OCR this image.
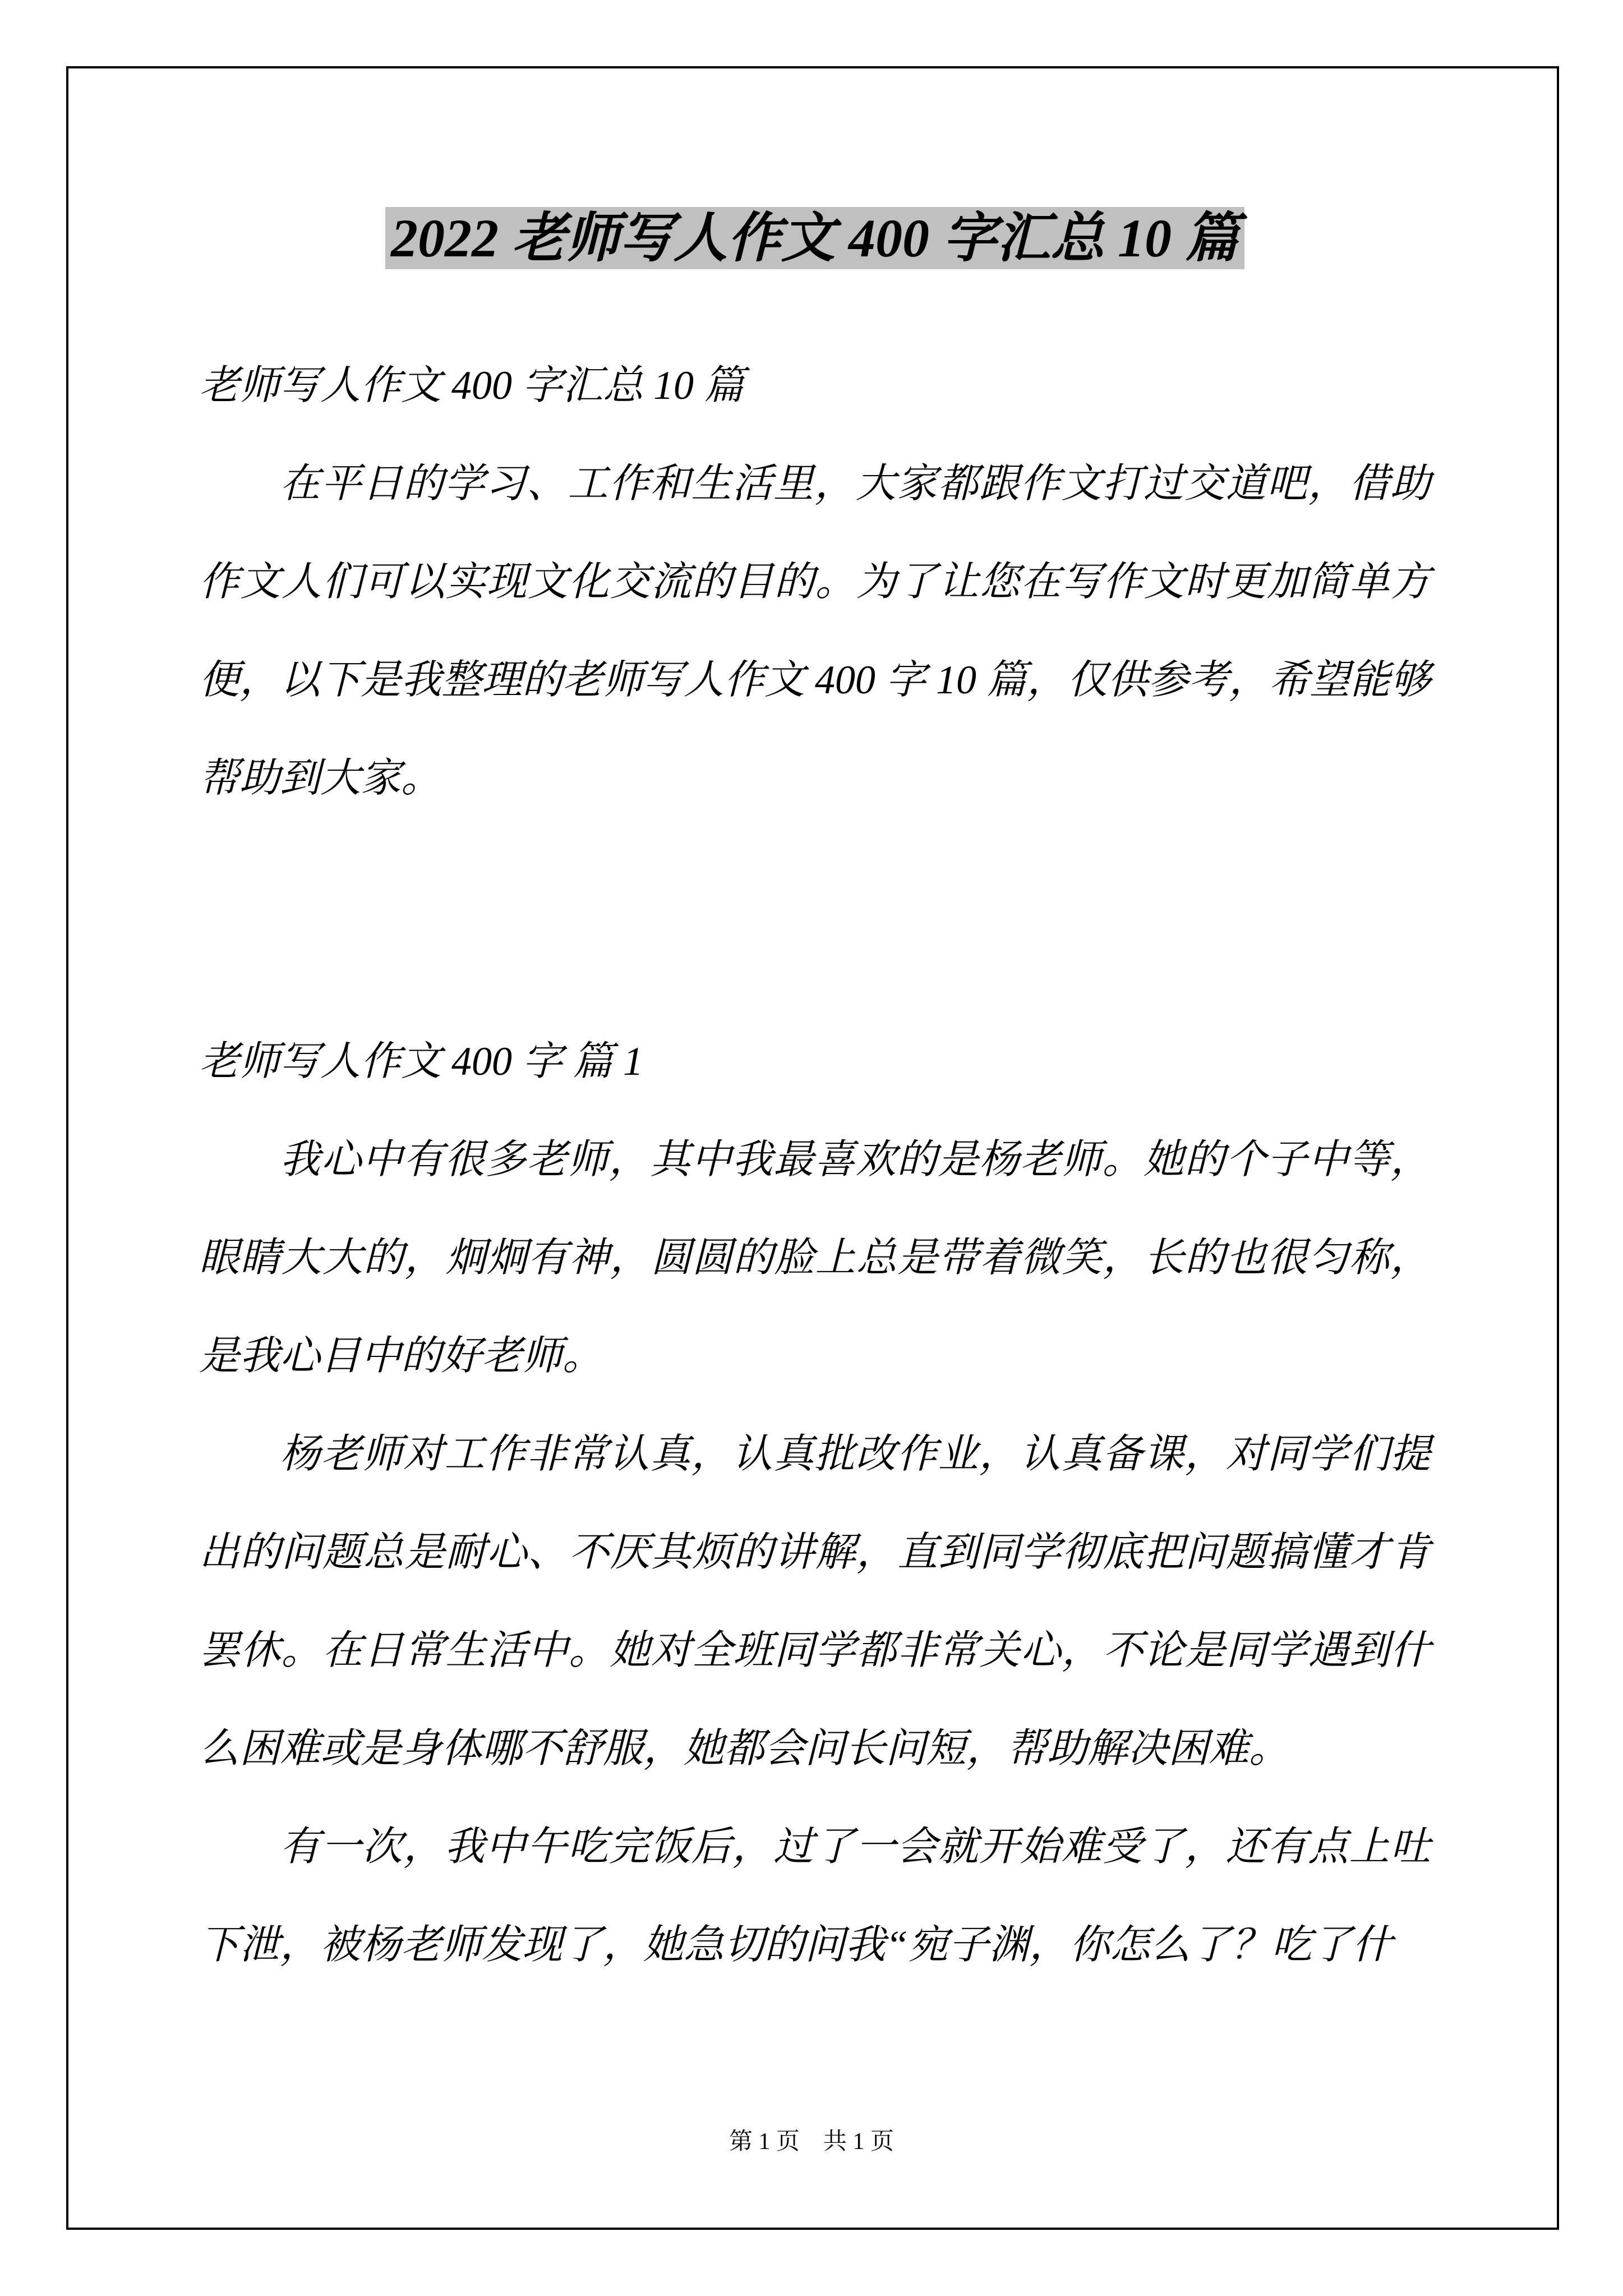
2022 老师写人作文 400 字汇总 10 篇

老师写人作文 400 字汇总 10 篇

在平日的学习、工作和生活里，大家都跟作文打过交道吧，借助作文人们可以实现文化交流的目的。为了让您在写作文时更加简单方便，以下是我整理的老师写人作文 400 字 10 篇，仅供参考，希望能够帮助到大家。

老师写人作文 400 字 篇 1

我心中有很多老师，其中我最喜欢的是杨老师。她的个子中等，眼睛大大的，炯炯有神，圆圆的脸上总是带着微笑，长的也很匀称，是我心目中的好老师。

杨老师对工作非常认真，认真批改作业，认真备课，对同学们提出的问题总是耐心、不厌其烦的讲解，直到同学彻底把问题搞懂才肯罢休。在日常生活中。她对全班同学都非常关心，不论是同学遇到什么困难或是身体哪不舒服，她都会问长问短，帮助解决困难。

有一次，我中午吃完饭后，过了一会就开始难受了，还有点上吐下泄，被杨老师发现了，她急切的问我“宛子渊，你怎么了？吃了什

第 1 页　共 1 页
